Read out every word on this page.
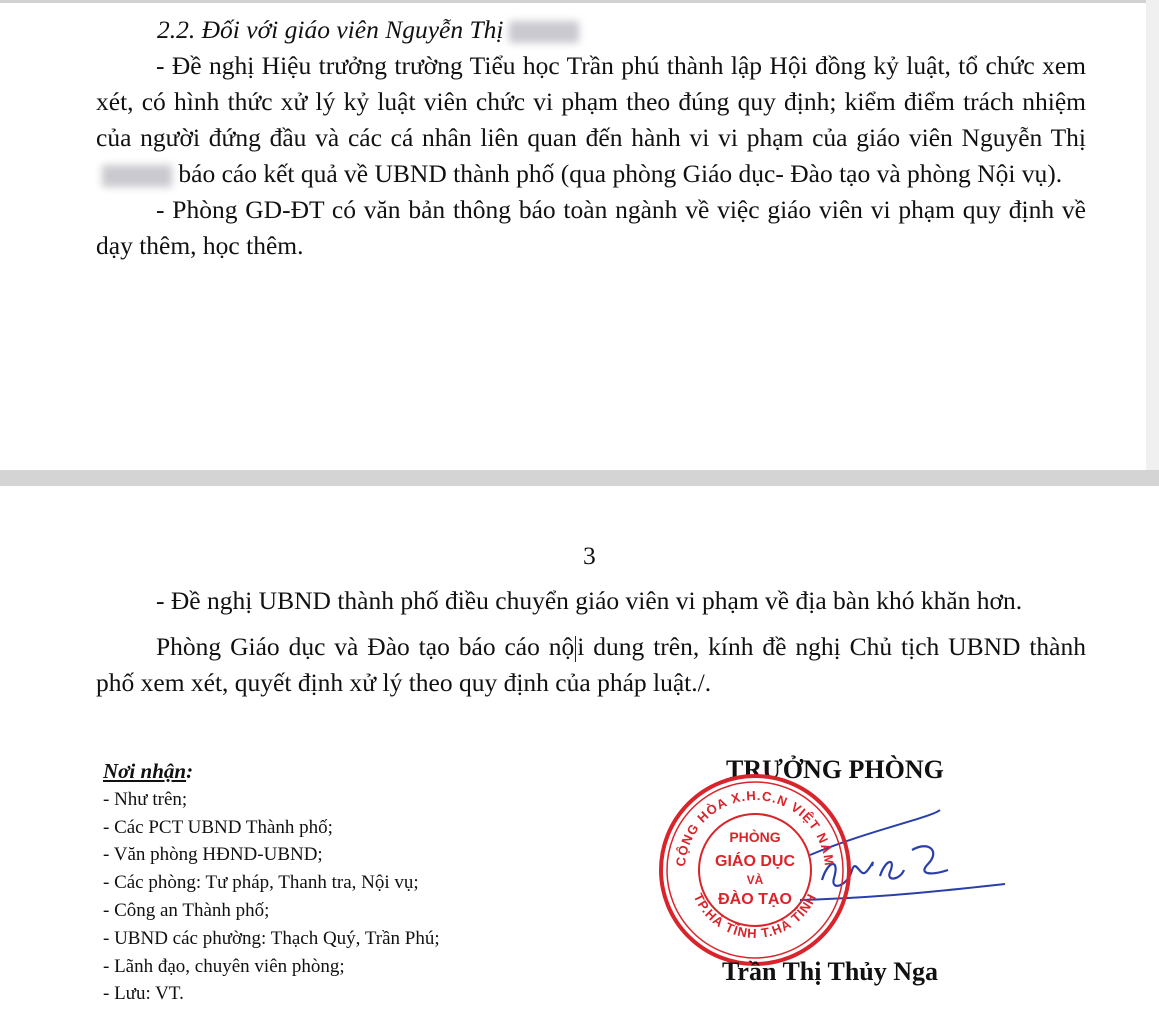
2.2. Đối với giáo viên Nguyễn Thị

- Đề nghị Hiệu trưởng trường Tiểu học Trần phú thành lập Hội đồng kỷ luật, tổ chức xem xét, có hình thức xử lý kỷ luật viên chức vi phạm theo đúng quy định; kiểm điểm trách nhiệm của người đứng đầu và các cá nhân liên quan đến hành vi vi phạm của giáo viên Nguyễn Thị báo cáo kết quả về UBND thành phố (qua phòng Giáo dục- Đào tạo và phòng Nội vụ).

- Phòng GD-ĐT có văn bản thông báo toàn ngành về việc giáo viên vi phạm quy định về dạy thêm, học thêm.

3

- Đề nghị UBND thành phố điều chuyển giáo viên vi phạm về địa bàn khó khăn hơn.

Phòng Giáo dục và Đào tạo báo cáo nộ i dung trên, kính đề nghị Chủ tịch UBND thành phố xem xét, quyết định xử lý theo quy định của pháp luật./.

Nơi nhận:
- Như trên;
- Các PCT UBND Thành phố;
- Văn phòng HĐND-UBND;
- Các phòng: Tư pháp, Thanh tra, Nội vụ;
- Công an Thành phố;
- UBND các phường: Thạch Quý, Trần Phú;
- Lãnh đạo, chuyên viên phòng;
- Lưu: VT.
TRƯỞNG PHÒNG
CỘNG HÒA X.H.C.N VIỆT NAM
TP.HÀ TĨNH T.HÀ TĨNH
PHÒNG
GIÁO DỤC
VÀ
ĐÀO TẠO
Trần Thị Thủy Nga
